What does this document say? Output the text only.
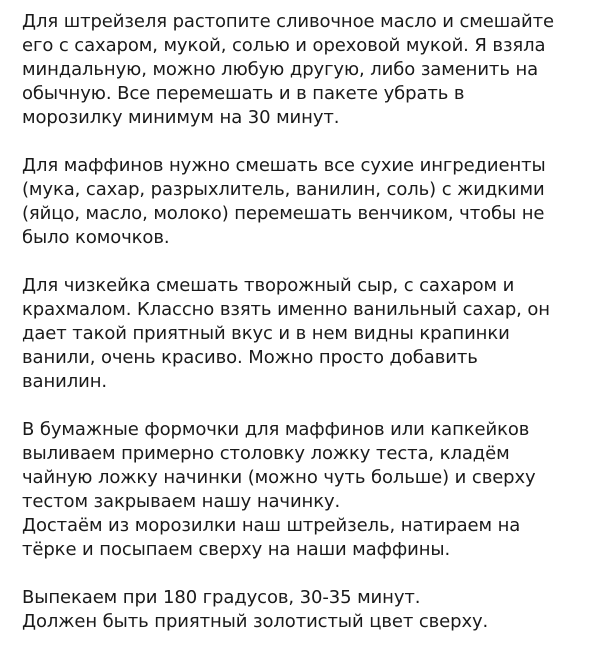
Для штрейзеля растопите сливочное масло и смешайте
его с сахаром, мукой, солью и ореховой мукой. Я взяла
миндальную, можно любую другую, либо заменить на
обычную. Все перемешать и в пакете убрать в
морозилку минимум на 30 минут.

Для маффинов нужно смешать все сухие ингредиенты
(мука, сахар, разрыхлитель, ванилин, соль) с жидкими
(яйцо, масло, молоко) перемешать венчиком, чтобы не
было комочков.

Для чизкейка смешать творожный сыр, с сахаром и
крахмалом. Классно взять именно ванильный сахар, он
дает такой приятный вкус и в нем видны крапинки
ванили, очень красиво. Можно просто добавить
ванилин.

В бумажные формочки для маффинов или капкейков
выливаем примерно столовку ложку теста, кладём
чайную ложку начинки (можно чуть больше) и сверху
тестом закрываем нашу начинку.
Достаём из морозилки наш штрейзель, натираем на
тёрке и посыпаем сверху на наши маффины.

Выпекаем при 180 градусов, 30-35 минут.
Должен быть приятный золотистый цвет сверху.
